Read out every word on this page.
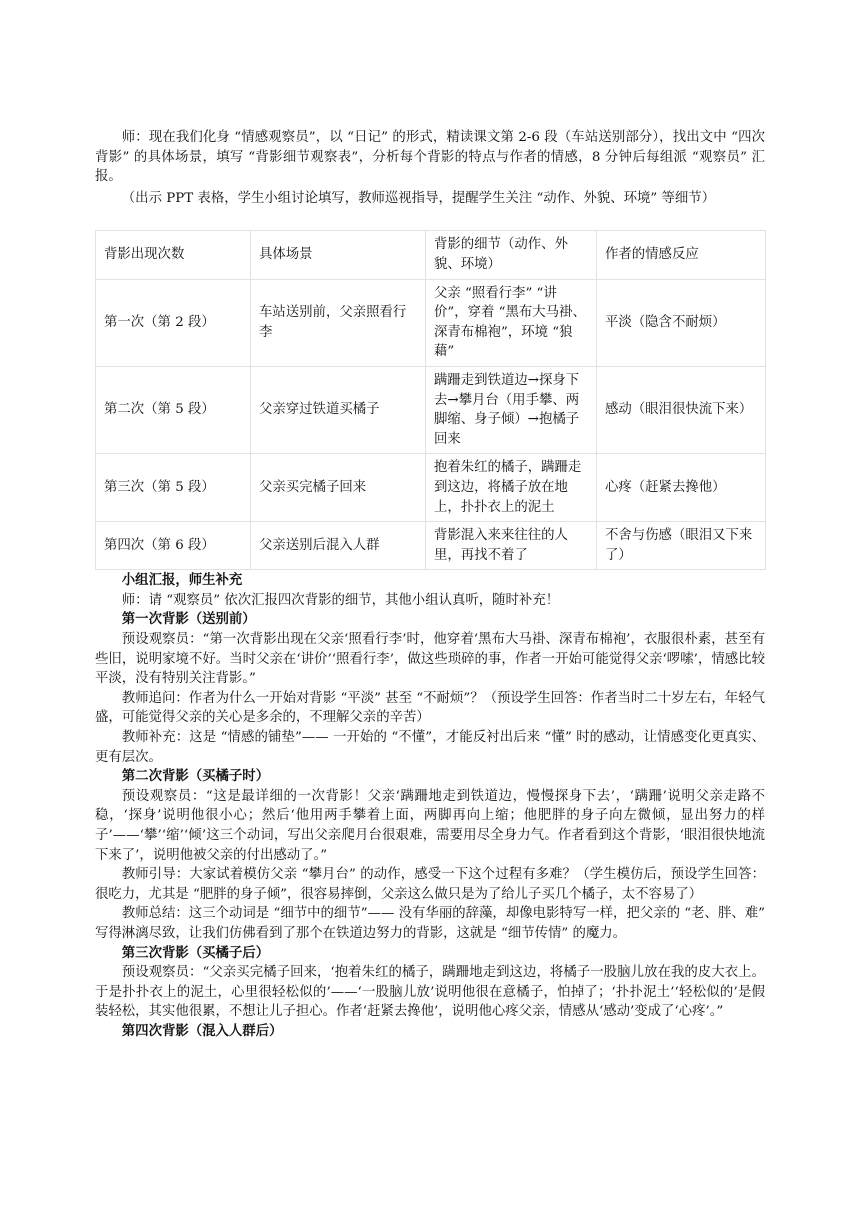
师：现在我们化身 “情感观察员”，以 “日记” 的形式，精读课文第 2-6 段（车站送别部分），找出文中 “四次背影” 的具体场景，填写 “背影细节观察表”，分析每个背影的特点与作者的情感，8 分钟后每组派 “观察员” 汇报。

（出示 PPT 表格，学生小组讨论填写，教师巡视指导，提醒学生关注 “动作、外貌、环境” 等细节）

背影出现次数	具体场景	背影的细节（动作、外貌、环境）	作者的情感反应
第一次（第 2 段）	车站送别前，父亲照看行李	父亲 “照看行李” “讲价”，穿着 “黑布大马褂、深青布棉袍”，环境 “狼藉”	平淡（隐含不耐烦）
第二次（第 5 段）	父亲穿过铁道买橘子	蹒跚走到铁道边→探身下去→攀月台（用手攀、两脚缩、身子倾）→抱橘子回来	感动（眼泪很快流下来）
第三次（第 5 段）	父亲买完橘子回来	抱着朱红的橘子，蹒跚走到这边，将橘子放在地上，扑扑衣上的泥土	心疼（赶紧去搀他）
第四次（第 6 段）	父亲送别后混入人群	背影混入来来往往的人里，再找不着了	不舍与伤感（眼泪又下来了）

小组汇报，师生补充

师：请 “观察员” 依次汇报四次背影的细节，其他小组认真听，随时补充！

第一次背影（送别前）

预设观察员：“第一次背影出现在父亲‘照看行李’时，他穿着‘黑布大马褂、深青布棉袍’，衣服很朴素，甚至有些旧，说明家境不好。当时父亲在‘讲价’‘照看行李’，做这些琐碎的事，作者一开始可能觉得父亲‘啰嗦’，情感比较平淡，没有特别关注背影。”

教师追问：作者为什么一开始对背影 “平淡” 甚至 “不耐烦”？（预设学生回答：作者当时二十岁左右，年轻气盛，可能觉得父亲的关心是多余的，不理解父亲的辛苦）

教师补充：这是 “情感的铺垫”—— 一开始的 “不懂”，才能反衬出后来 “懂” 时的感动，让情感变化更真实、更有层次。

第二次背影（买橘子时）

预设观察员：“这是最详细的一次背影！父亲‘蹒跚地走到铁道边，慢慢探身下去’，‘蹒跚’说明父亲走路不稳，‘探身’说明他很小心；然后‘他用两手攀着上面，两脚再向上缩；他肥胖的身子向左微倾，显出努力的样子’——‘攀’‘缩’‘倾’这三个动词，写出父亲爬月台很艰难，需要用尽全身力气。作者看到这个背影，‘眼泪很快地流下来了’，说明他被父亲的付出感动了。”

教师引导：大家试着模仿父亲 “攀月台” 的动作，感受一下这个过程有多难？（学生模仿后，预设学生回答：很吃力，尤其是 “肥胖的身子倾”，很容易摔倒，父亲这么做只是为了给儿子买几个橘子，太不容易了）

教师总结：这三个动词是 “细节中的细节”—— 没有华丽的辞藻，却像电影特写一样，把父亲的 “老、胖、难” 写得淋漓尽致，让我们仿佛看到了那个在铁道边努力的背影，这就是 “细节传情” 的魔力。

第三次背影（买橘子后）

预设观察员：“父亲买完橘子回来，‘抱着朱红的橘子，蹒跚地走到这边，将橘子一股脑儿放在我的皮大衣上。于是扑扑衣上的泥土，心里很轻松似的’——‘一股脑儿放’说明他很在意橘子，怕掉了；‘扑扑泥土’‘轻松似的’是假装轻松，其实他很累，不想让儿子担心。作者‘赶紧去搀他’，说明他心疼父亲，情感从‘感动’变成了‘心疼’。”

第四次背影（混入人群后）
